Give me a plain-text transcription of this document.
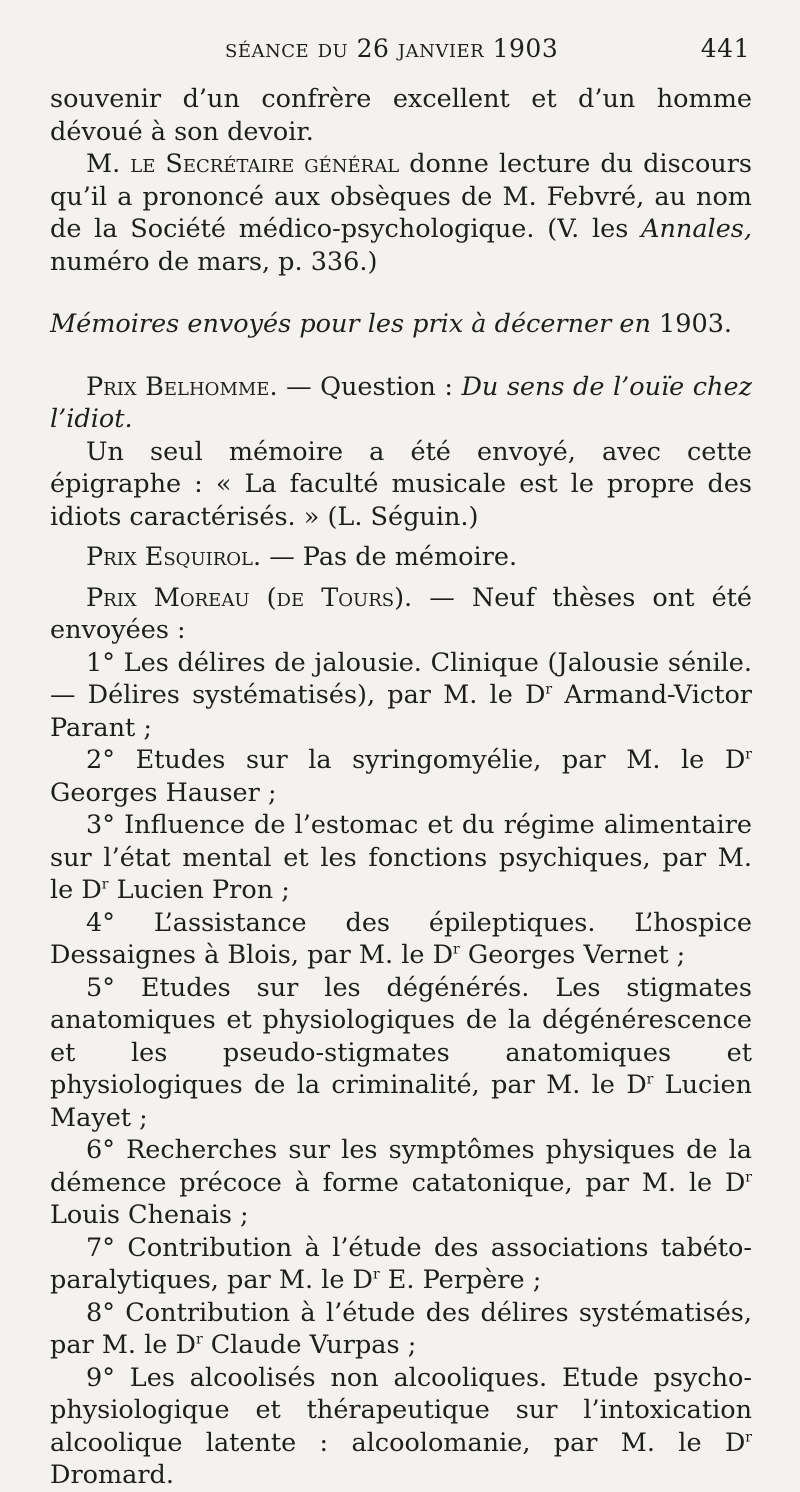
séance du 26 janvier 1903	441

souvenir d’un confrère excellent et d’un homme dévoué à son devoir.

M. le Secrétaire général donne lecture du discours qu’il a prononcé aux obsèques de M. Febvré, au nom de la Société médico-psychologique. (V. les Annales, numéro de mars, p. 336.)

Mémoires envoyés pour les prix à décerner en 1903.

Prix Belhomme. — Question : Du sens de l’ouïe chez l’idiot.

Un seul mémoire a été envoyé, avec cette épigraphe : « La faculté musicale est le propre des idiots caractérisés. » (L. Séguin.)

Prix Esquirol. — Pas de mémoire.

Prix Moreau (de Tours). — Neuf thèses ont été envoyées :

1° Les délires de jalousie. Clinique (Jalousie sénile. — Délires systématisés), par M. le $D^r$ Armand-Victor Parant ;

2° Etudes sur la syringomyélie, par M. le $D^r$ Georges Hauser ;

3° Influence de l’estomac et du régime alimentaire sur l’état mental et les fonctions psychiques, par M. le $D^r$ Lucien Pron ;

4° L’assistance des épileptiques. L’hospice Dessaignes à Blois, par M. le $D^r$ Georges Vernet ;

5° Etudes sur les dégénérés. Les stigmates anatomiques et physiologiques de la dégénérescence et les pseudo-stigmates anatomiques et physiologiques de la criminalité, par M. le $D^r$ Lucien Mayet ;

6° Recherches sur les symptômes physiques de la démence précoce à forme catatonique, par M. le $D^r$ Louis Chenais ;

7° Contribution à l’étude des associations tabéto-paralytiques, par M. le $D^r$ E. Perpère ;

8° Contribution à l’étude des délires systématisés, par M. le $D^r$ Claude Vurpas ;

9° Les alcoolisés non alcooliques. Etude psycho-physiologique et thérapeutique sur l’intoxication alcoolique latente : alcoolomanie, par M. le $D^r$ Dromard.
